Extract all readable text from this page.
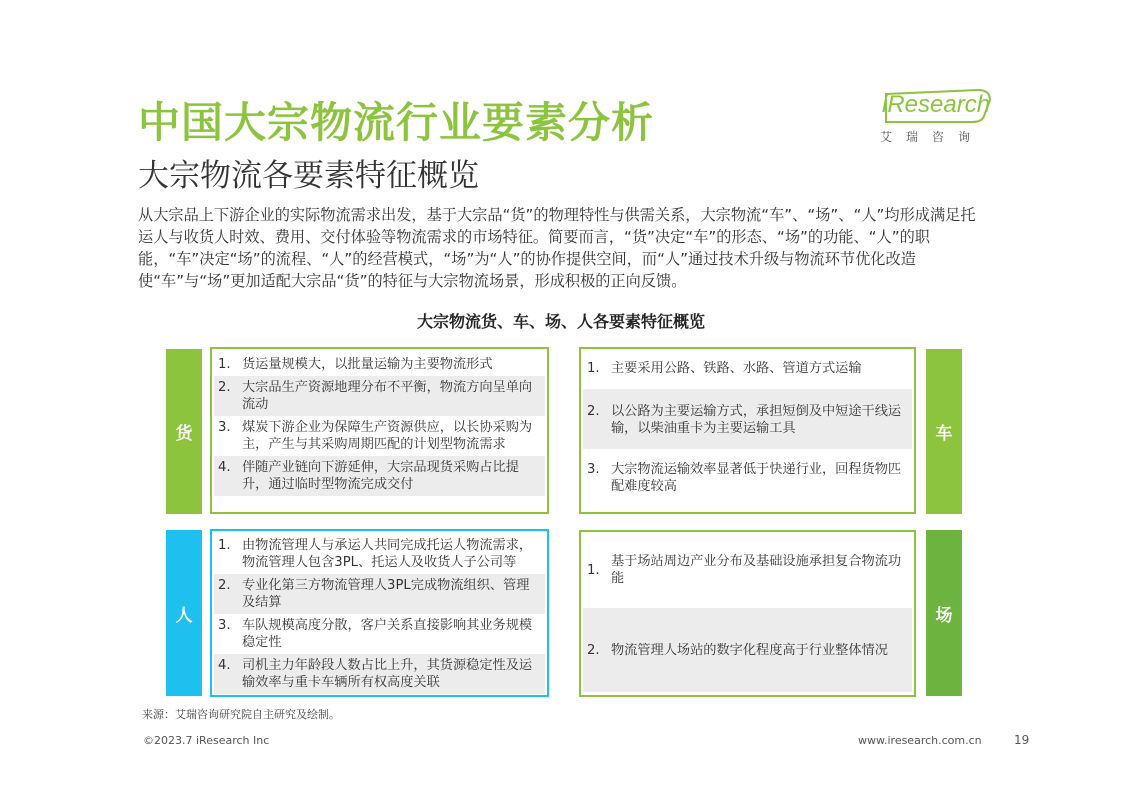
中国大宗物流行业要素分析
大宗物流各要素特征概览
iResearch
艾瑞咨询
从大宗品上下游企业的实际物流需求出发，基于大宗品“货”的物理特性与供需关系，大宗物流“车”、“场”、“人”均形成满足托运人与收货人时效、费用、交付体验等物流需求的市场特征。简要而言，“货”决定“车”的形态、“场”的功能、“人”的职能，“车”决定“场”的流程、“人”的经营模式，“场”为“人”的协作提供空间，而“人”通过技术升级与物流环节优化改造使“车”与“场”更加适配大宗品“货”的特征与大宗物流场景，形成积极的正向反馈。
大宗物流货、车、场、人各要素特征概览
货
1. 货运量规模大，以批量运输为主要物流形式
2. 大宗品生产资源地理分布不平衡，物流方向呈单向流动
3. 煤炭下游企业为保障生产资源供应，以长协采购为主，产生与其采购周期匹配的计划型物流需求
4. 伴随产业链向下游延伸，大宗品现货采购占比提升，通过临时型物流完成交付
1. 主要采用公路、铁路、水路、管道方式运输
2. 以公路为主要运输方式，承担短倒及中短途干线运输，以柴油重卡为主要运输工具
3. 大宗物流运输效率显著低于快递行业，回程货物匹配难度较高
车
人
1. 由物流管理人与承运人共同完成托运人物流需求，物流管理人包含3PL、托运人及收货人子公司等
2. 专业化第三方物流管理人3PL完成物流组织、管理及结算
3. 车队规模高度分散，客户关系直接影响其业务规模稳定性
4. 司机主力年龄段人数占比上升，其货源稳定性及运输效率与重卡车辆所有权高度关联
1.
基于场站周边产业分布及基础设施承担复合物流功能
2. 物流管理人场站的数字化程度高于行业整体情况
场
来源：艾瑞咨询研究院自主研究及绘制。
©2023.7 iResearch Inc	www.iresearch.com.cn	19
